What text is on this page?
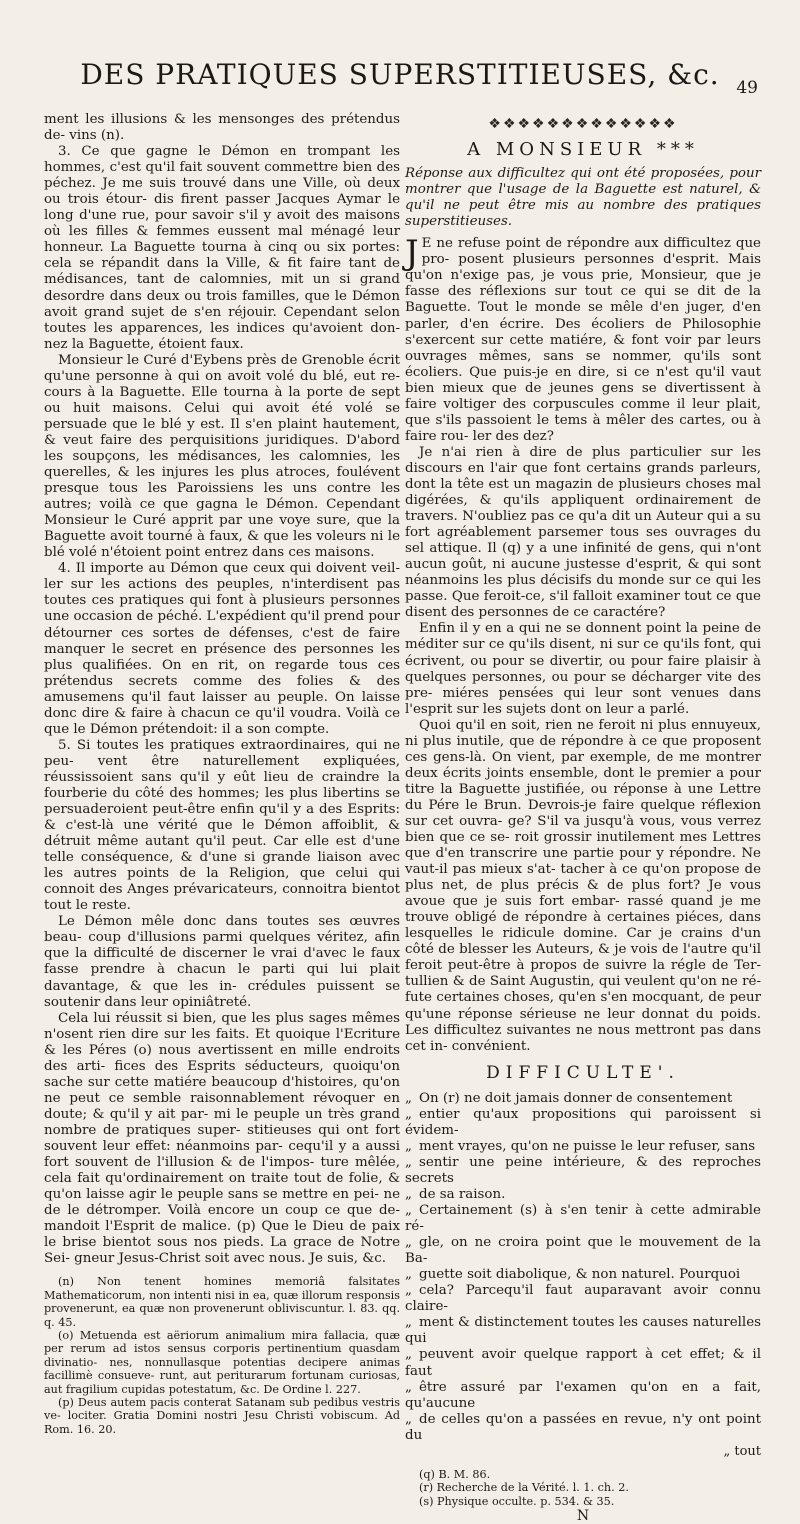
DES PRATIQUES SUPERSTITIEUSES, &c. 49

ment les illusions & les mensonges des prétendus de- vins (n).

3. Ce que gagne le Démon en trompant les hommes, c'est qu'il fait souvent commettre bien des péchez. Je me suis trouvé dans une Ville, où deux ou trois étour- dis firent passer Jacques Aymar le long d'une rue, pour savoir s'il y avoit des maisons où les filles & femmes eussent mal ménagé leur honneur. La Baguette tourna à cinq ou six portes: cela se répandit dans la Ville, & fit faire tant de médisances, tant de calomnies, mit un si grand desordre dans deux ou trois familles, que le Démon avoit grand sujet de s'en réjouir. Cependant selon toutes les apparences, les indices qu'avoient don- nez la Baguette, étoient faux.

Monsieur le Curé d'Eybens près de Grenoble écrit qu'une personne à qui on avoit volé du blé, eut re- cours à la Baguette. Elle tourna à la porte de sept ou huit maisons. Celui qui avoit été volé se persuade que le blé y est. Il s'en plaint hautement, & veut faire des perquisitions juridiques. D'abord les soupçons, les médisances, les calomnies, les querelles, & les injures les plus atroces, foulévent presque tous les Paroissiens les uns contre les autres; voilà ce que gagna le Démon. Cependant Monsieur le Curé apprit par une voye sure, que la Baguette avoit tourné à faux, & que les voleurs ni le blé volé n'étoient point entrez dans ces maisons.

4. Il importe au Démon que ceux qui doivent veil- ler sur les actions des peuples, n'interdisent pas toutes ces pratiques qui font à plusieurs personnes une occasion de péché. L'expédient qu'il prend pour détourner ces sortes de défenses, c'est de faire manquer le secret en présence des personnes les plus qualifiées. On en rit, on regarde tous ces prétendus secrets comme des folies & des amusemens qu'il faut laisser au peuple. On laisse donc dire & faire à chacun ce qu'il voudra. Voilà ce que le Démon prétendoit: il a son compte.

5. Si toutes les pratiques extraordinaires, qui ne peu- vent être naturellement expliquées, réussissoient sans qu'il y eût lieu de craindre la fourberie du côté des hommes; les plus libertins se persuaderoient peut-être enfin qu'il y a des Esprits: & c'est-là une vérité que le Démon affoiblit, & détruit même autant qu'il peut. Car elle est d'une telle conséquence, & d'une si grande liaison avec les autres points de la Religion, que celui qui connoit des Anges prévaricateurs, connoitra bientot tout le reste.

Le Démon mêle donc dans toutes ses œuvres beau- coup d'illusions parmi quelques véritez, afin que la difficulté de discerner le vrai d'avec le faux fasse prendre à chacun le parti qui lui plait davantage, & que les in- crédules puissent se soutenir dans leur opiniâtreté.

Cela lui réussit si bien, que les plus sages mêmes n'osent rien dire sur les faits. Et quoique l'Ecriture & les Péres (o) nous avertissent en mille endroits des arti- fices des Esprits séducteurs, quoiqu'on sache sur cette matiére beaucoup d'histoires, qu'on ne peut ce semble raisonnablement révoquer en doute; & qu'il y ait par- mi le peuple un très grand nombre de pratiques super- stitieuses qui ont fort souvent leur effet: néanmoins par- cequ'il y a aussi fort souvent de l'illusion & de l'impos- ture mêlée, cela fait qu'ordinairement on traite tout de folie, & qu'on laisse agir le peuple sans se mettre en pei- ne de le détromper. Voilà encore un coup ce que de- mandoit l'Esprit de malice. (p) Que le Dieu de paix le brise bientot sous nos pieds. La grace de Notre Sei- gneur Jesus-Christ soit avec nous. Je suis, &c.

(n) Non tenent homines memoriâ falsitates Mathematicorum, non intenti nisi in ea, quæ illorum responsis provenerunt, ea quæ non provenerunt obliviscuntur. l. 83. qq. q. 45.

(o) Metuenda est aëriorum animalium mira fallacia, quæ per rerum ad istos sensus corporis pertinentium quasdam divinatio- nes, nonnullasque potentias decipere animas facillimè consueve- runt, aut periturarum fortunam curiosas, aut fragilium cupidas potestatum, &c. De Ordine l. 227.

(p) Deus autem pacis conterat Satanam sub pedibus vestris ve- lociter. Gratia Domini nostri Jesu Christi vobiscum. Ad Rom. 16. 20.

❖❖❖❖❖❖❖❖❖❖❖❖❖
A MONSIEUR ***

Réponse aux difficultez qui ont été proposées, pour montrer que l'usage de la Baguette est naturel, & qu'il ne peut être mis au nombre des pratiques superstitieuses.

J E ne refuse point de répondre aux difficultez que pro- posent plusieurs personnes d'esprit. Mais qu'on n'exige pas, je vous prie, Monsieur, que je fasse des réflexions sur tout ce qui se dit de la Baguette. Tout le monde se mêle d'en juger, d'en parler, d'en écrire. Des écoliers de Philosophie s'exercent sur cette matiére, & font voir par leurs ouvrages mêmes, sans se nommer, qu'ils sont écoliers. Que puis-je en dire, si ce n'est qu'il vaut bien mieux que de jeunes gens se divertissent à faire voltiger des corpuscules comme il leur plait, que s'ils passoient le tems à mêler des cartes, ou à faire rou- ler des dez?

Je n'ai rien à dire de plus particulier sur les discours en l'air que font certains grands parleurs, dont la tête est un magazin de plusieurs choses mal digérées, & qu'ils appliquent ordinairement de travers. N'oubliez pas ce qu'a dit un Auteur qui a su fort agréablement parsemer tous ses ouvrages du sel attique. Il (q) y a une infinité de gens, qui n'ont aucun goût, ni aucune justesse d'esprit, & qui sont néanmoins les plus décisifs du monde sur ce qui les passe. Que feroit-ce, s'il falloit examiner tout ce que disent des personnes de ce caractére?

Enfin il y en a qui ne se donnent point la peine de méditer sur ce qu'ils disent, ni sur ce qu'ils font, qui écrivent, ou pour se divertir, ou pour faire plaisir à quelques personnes, ou pour se décharger vite des pre- miéres pensées qui leur sont venues dans l'esprit sur les sujets dont on leur a parlé.

Quoi qu'il en soit, rien ne feroit ni plus ennuyeux, ni plus inutile, que de répondre à ce que proposent ces gens-là. On vient, par exemple, de me montrer deux écrits joints ensemble, dont le premier a pour titre la Baguette justifiée, ou réponse à une Lettre du Pére le Brun. Devrois-je faire quelque réflexion sur cet ouvra- ge? S'il va jusqu'à vous, vous verrez bien que ce se- roit grossir inutilement mes Lettres que d'en transcrire une partie pour y répondre. Ne vaut-il pas mieux s'at- tacher à ce qu'on propose de plus net, de plus précis & de plus fort? Je vous avoue que je suis fort embar- rassé quand je me trouve obligé de répondre à certaines piéces, dans lesquelles le ridicule domine. Car je crains d'un côté de blesser les Auteurs, & je vois de l'autre qu'il feroit peut-être à propos de suivre la régle de Ter- tullien & de Saint Augustin, qui veulent qu'on ne ré- fute certaines choses, qu'en s'en mocquant, de peur qu'une réponse sérieuse ne leur donnat du poids. Les difficultez suivantes ne nous mettront pas dans cet in- convénient.

DIFFICULTE'.

„On (r) ne doit jamais donner de consentement

„entier qu'aux propositions qui paroissent si évidem-

„ment vrayes, qu'on ne puisse le leur refuser, sans

„sentir une peine intérieure, & des reproches secrets

„de sa raison.

„Certainement (s) à s'en tenir à cette admirable ré-

„gle, on ne croira point que le mouvement de la Ba-

„guette soit diabolique, & non naturel. Pourquoi

„cela? Parcequ'il faut auparavant avoir connu claire-

„ment & distinctement toutes les causes naturelles qui

„peuvent avoir quelque rapport à cet effet; & il faut

„être assuré par l'examen qu'on en a fait, qu'aucune

„de celles qu'on a passées en revue, n'y ont point du

„ tout

(q) B. M. 86.

(r) Recherche de la Vérité. l. 1. ch. 2.

(s) Physique occulte. p. 534. & 35.

N
